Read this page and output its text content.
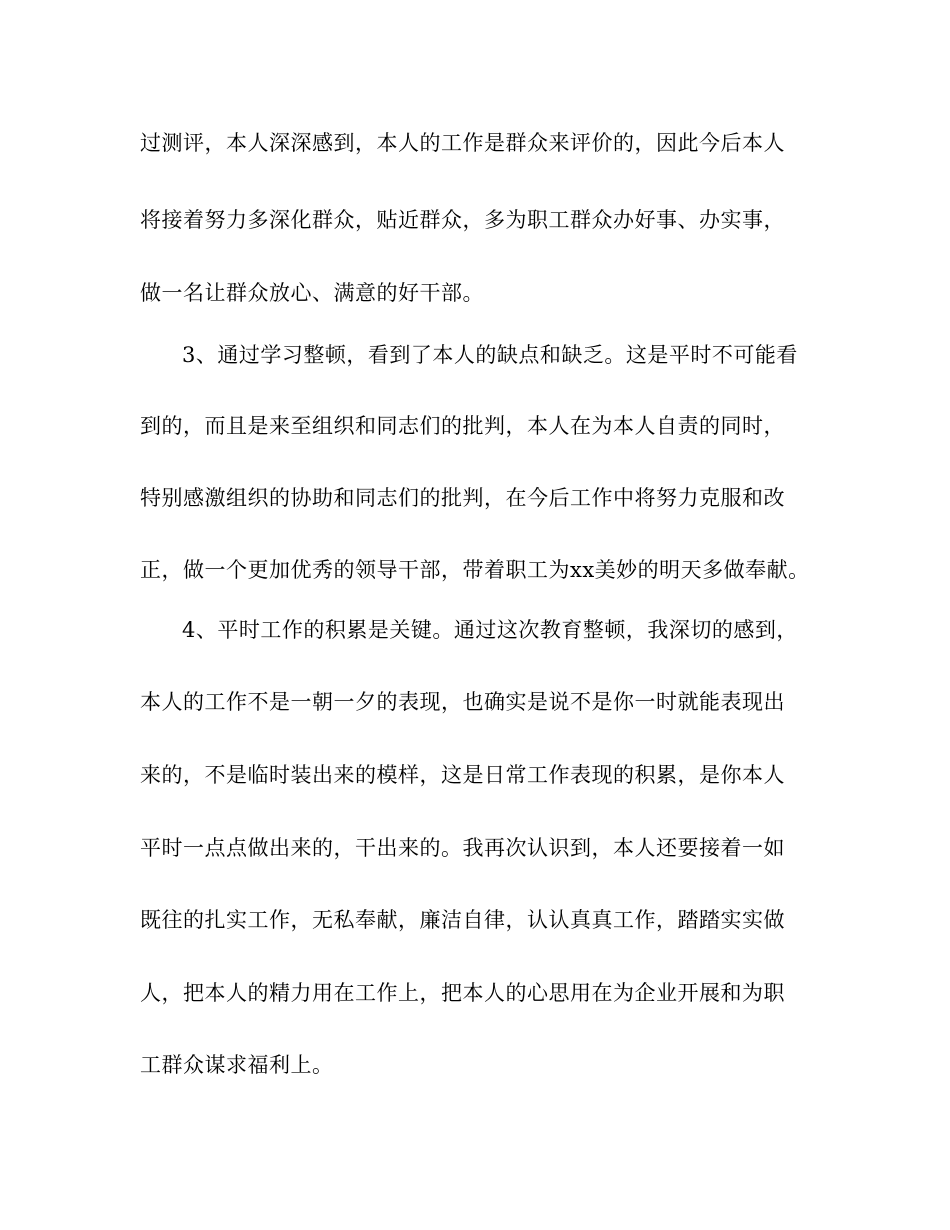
过测评，本人深深感到，本人的工作是群众来评价的，因此今后本人
将接着努力多深化群众，贴近群众，多为职工群众办好事、办实事，
做一名让群众放心、满意的好干部。
3、通过学习整顿，看到了本人的缺点和缺乏。这是平时不可能看
到的，而且是来至组织和同志们的批判，本人在为本人自责的同时，
特别感激组织的协助和同志们的批判，在今后工作中将努力克服和改
正，做一个更加优秀的领导干部，带着职工为xx美妙的明天多做奉献。
4、平时工作的积累是关键。通过这次教育整顿，我深切的感到，
本人的工作不是一朝一夕的表现，也确实是说不是你一时就能表现出
来的，不是临时装出来的模样，这是日常工作表现的积累，是你本人
平时一点点做出来的，干出来的。我再次认识到，本人还要接着一如
既往的扎实工作，无私奉献，廉洁自律，认认真真工作，踏踏实实做
人，把本人的精力用在工作上，把本人的心思用在为企业开展和为职
工群众谋求福利上。
